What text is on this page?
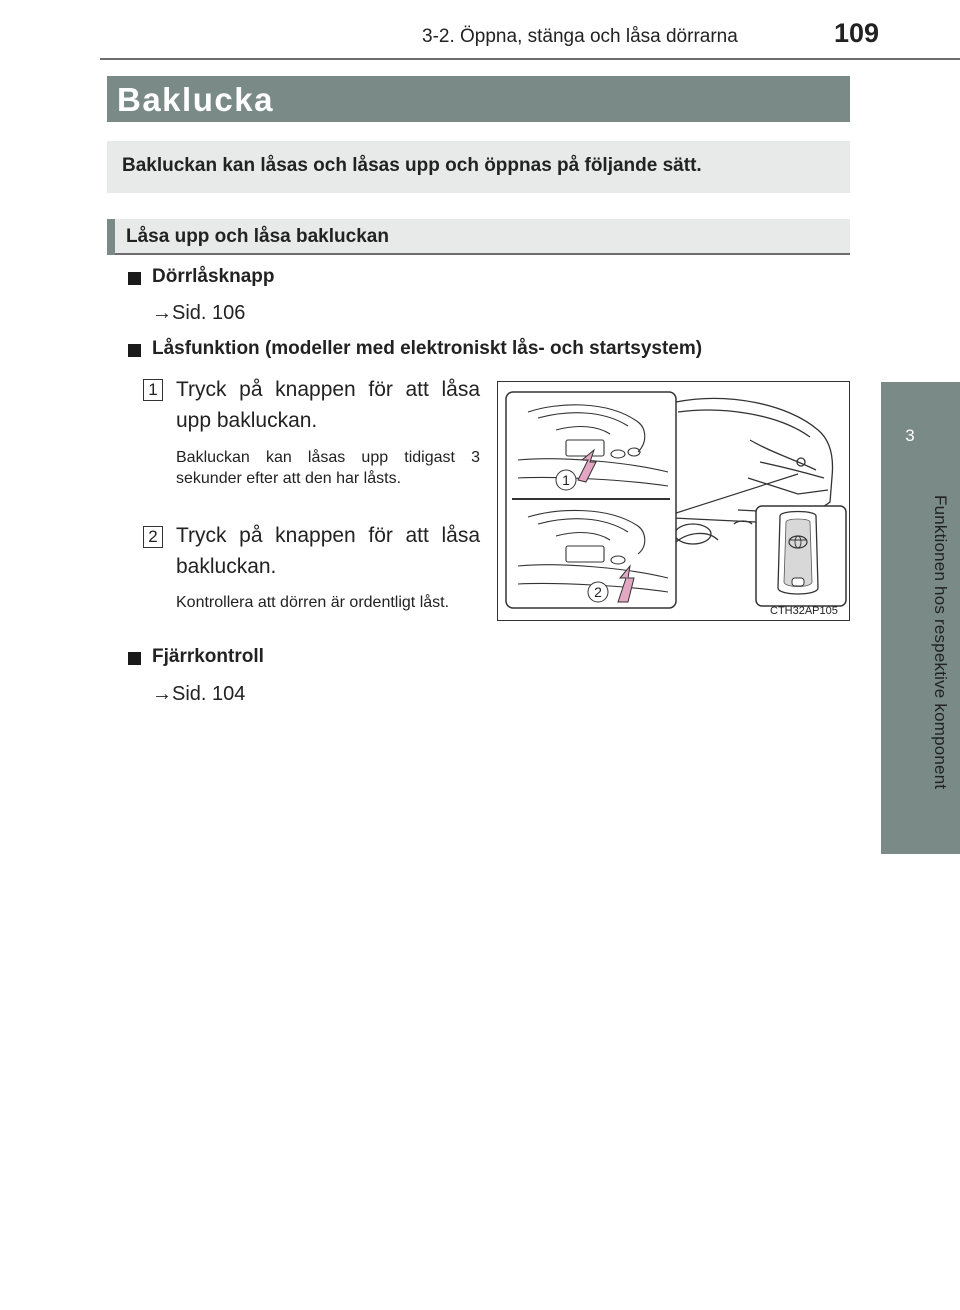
3-2. Öppna, stänga och låsa dörrarna	109
3
Funktionen hos respektive komponent
Baklucka
Bakluckan kan låsas och låsas upp och öppnas på följande sätt.
Låsa upp och låsa bakluckan
Dörrlåsknapp
→Sid. 106
Låsfunktion (modeller med elektroniskt lås- och startsystem)
1 Tryck på knappen för att låsa upp bakluckan.
Bakluckan kan låsas upp tidigast 3 sekunder efter att den har låsts.
2 Tryck på knappen för att låsa bakluckan.
Kontrollera att dörren är ordentligt låst.
Fjärrkontroll
→Sid. 104
1
2
CTH32AP105
